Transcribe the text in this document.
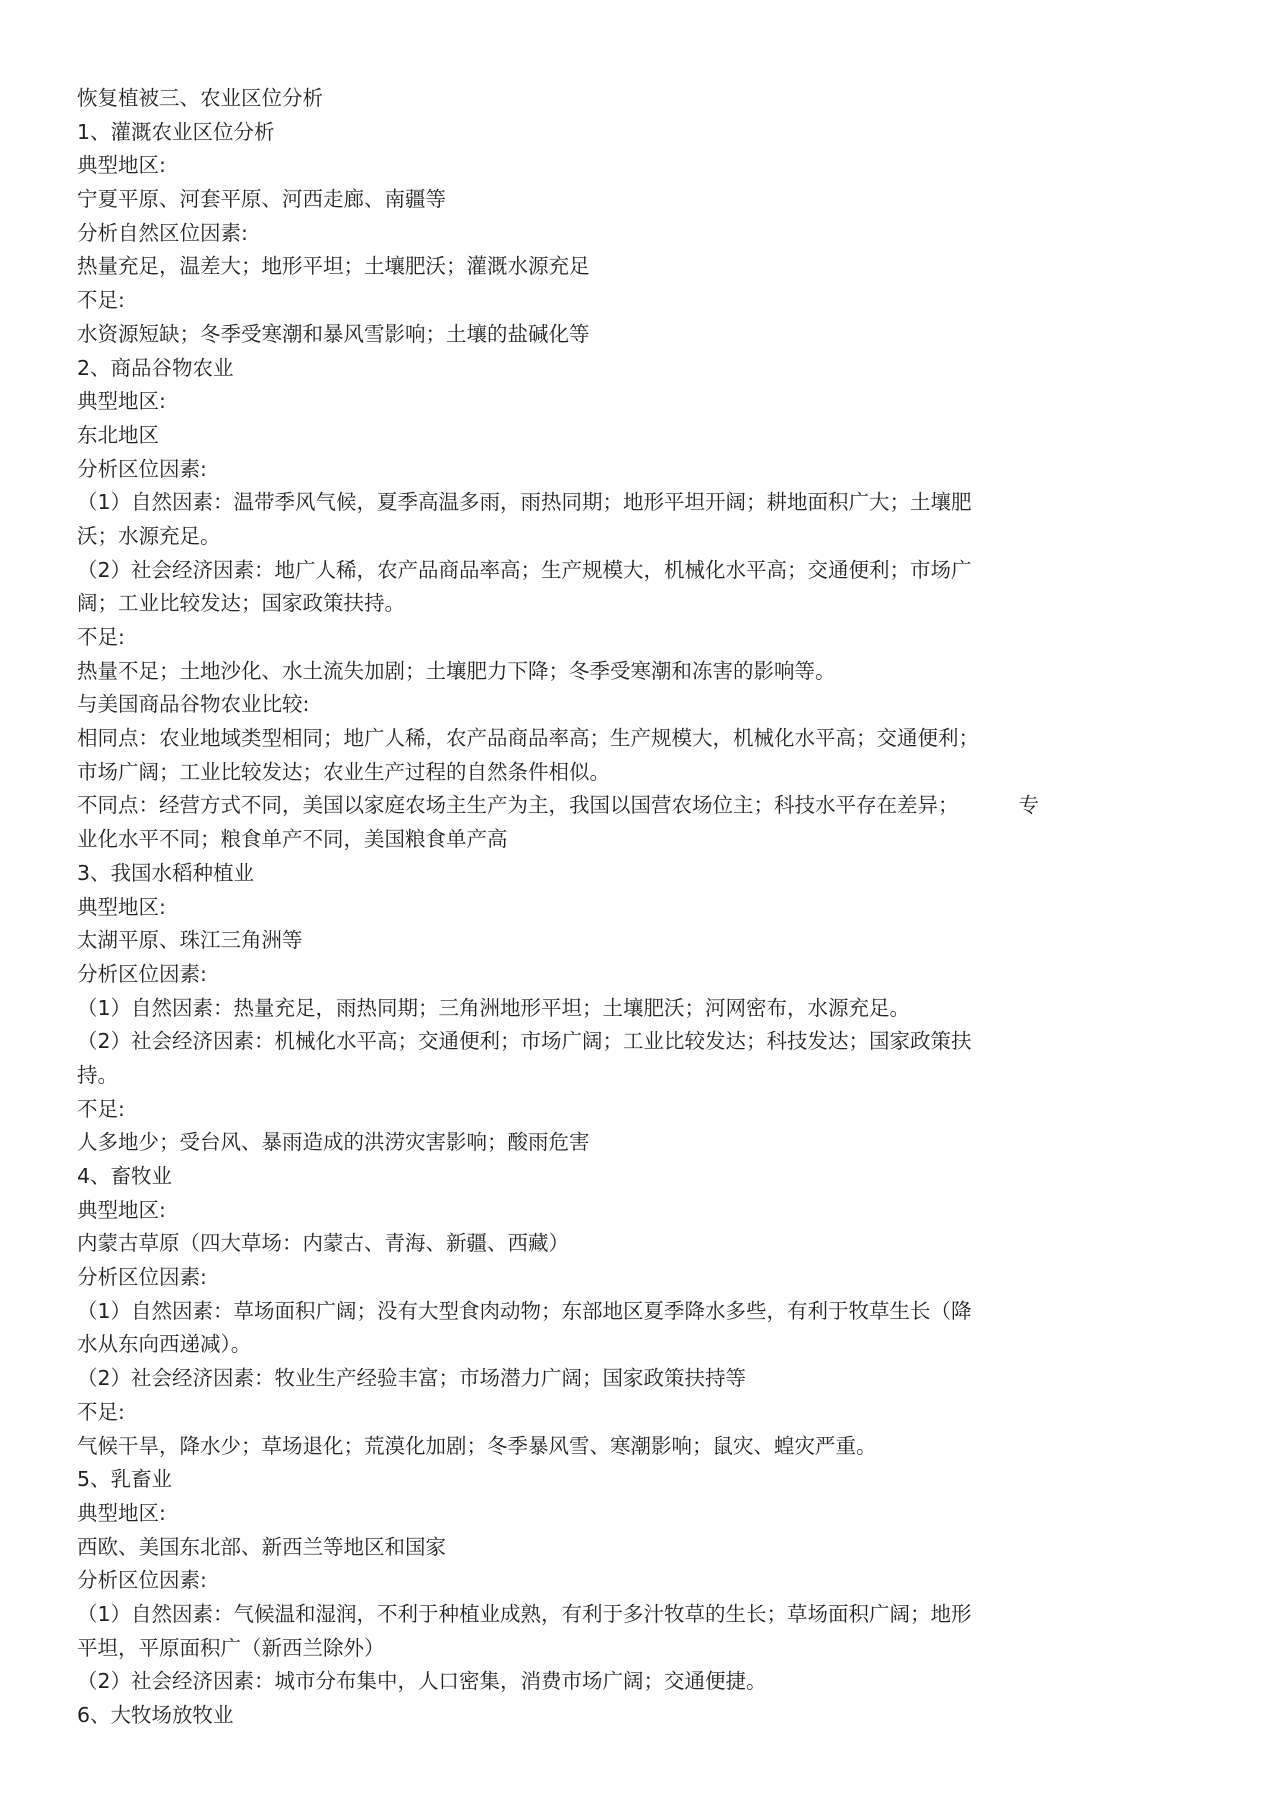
恢复植被三、农业区位分析
1、灌溉农业区位分析
典型地区:
宁夏平原、河套平原、河西走廊、南疆等
分析自然区位因素:
热量充足，温差大；地形平坦；土壤肥沃；灌溉水源充足
不足:
水资源短缺；冬季受寒潮和暴风雪影响；土壤的盐碱化等
2、商品谷物农业
典型地区:
东北地区
分析区位因素:
（1）自然因素：温带季风气候，夏季高温多雨，雨热同期；地形平坦开阔；耕地面积广大；土壤肥
沃；水源充足。
（2）社会经济因素：地广人稀，农产品商品率高；生产规模大，机械化水平高；交通便利；市场广
阔；工业比较发达；国家政策扶持。
不足:
热量不足；土地沙化、水土流失加剧；土壤肥力下降；冬季受寒潮和冻害的影响等。
与美国商品谷物农业比较:
相同点：农业地域类型相同；地广人稀，农产品商品率高；生产规模大，机械化水平高；交通便利；
市场广阔；工业比较发达；农业生产过程的自然条件相似。
不同点：经营方式不同，美国以家庭农场主生产为主，我国以国营农场位主；科技水平存在差异；	专
业化水平不同；粮食单产不同，美国粮食单产高
3、我国水稻种植业
典型地区:
太湖平原、珠江三角洲等
分析区位因素:
（1）自然因素：热量充足，雨热同期；三角洲地形平坦；土壤肥沃；河网密布，水源充足。
（2）社会经济因素：机械化水平高；交通便利；市场广阔；工业比较发达；科技发达；国家政策扶
持。
不足:
人多地少；受台风、暴雨造成的洪涝灾害影响；酸雨危害
4、畜牧业
典型地区:
内蒙古草原（四大草场：内蒙古、青海、新疆、西藏）
分析区位因素:
（1）自然因素：草场面积广阔；没有大型食肉动物；东部地区夏季降水多些，有利于牧草生长（降
水从东向西递减）。
（2）社会经济因素：牧业生产经验丰富；市场潜力广阔；国家政策扶持等
不足:
气候干旱，降水少；草场退化；荒漠化加剧；冬季暴风雪、寒潮影响；鼠灾、蝗灾严重。
5、乳畜业
典型地区:
西欧、美国东北部、新西兰等地区和国家
分析区位因素:
（1）自然因素：气候温和湿润，不利于种植业成熟，有利于多汁牧草的生长；草场面积广阔；地形
平坦，平原面积广（新西兰除外）
（2）社会经济因素：城市分布集中，人口密集，消费市场广阔；交通便捷。
6、大牧场放牧业
